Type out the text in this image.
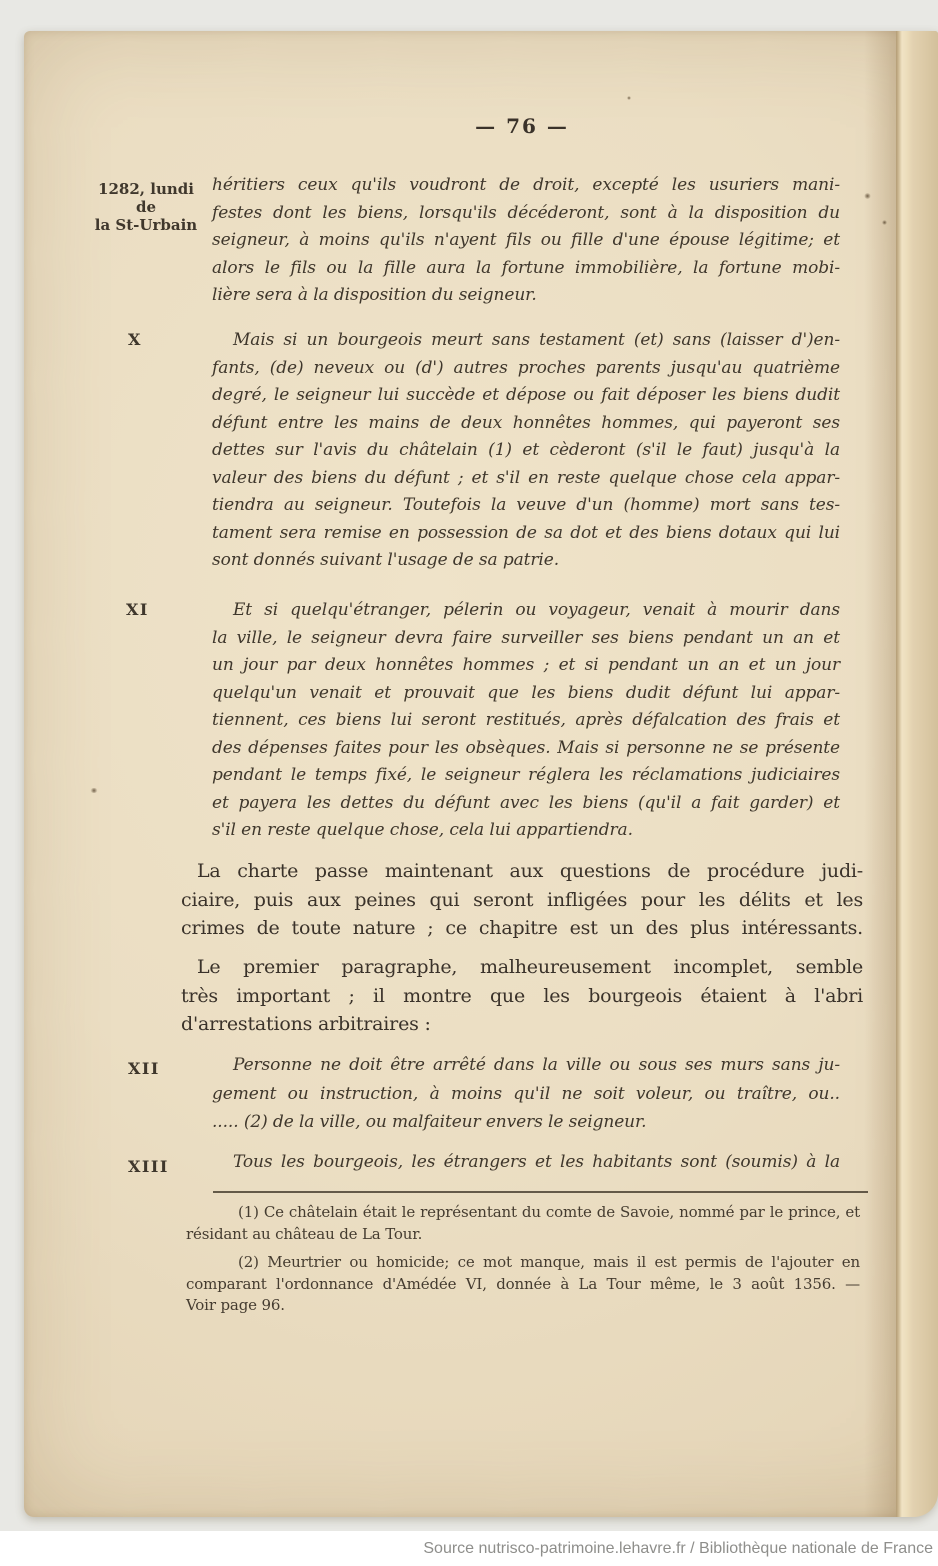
— 76 —
1282, lundi de
la St-Urbain
héritiers ceux qu'ils voudront de droit, excepté les usuriers mani-
festes dont les biens, lorsqu'ils décéderont, sont à la disposition du
seigneur, à moins qu'ils n'ayent fils ou fille d'une épouse légitime; et
alors le fils ou la fille aura la fortune immobilière, la fortune mobi-
lière sera à la disposition du seigneur.
X	Mais si un bourgeois meurt sans testament (et) sans (laisser d')en-
fants, (de) neveux ou (d') autres proches parents jusqu'au quatrième
degré, le seigneur lui succède et dépose ou fait déposer les biens dudit
défunt entre les mains de deux honnêtes hommes, qui payeront ses
dettes sur l'avis du châtelain (1) et cèderont (s'il le faut) jusqu'à la
valeur des biens du défunt ; et s'il en reste quelque chose cela appar-
tiendra au seigneur. Toutefois la veuve d'un (homme) mort sans tes-
tament sera remise en possession de sa dot et des biens dotaux qui lui
sont donnés suivant l'usage de sa patrie.
XI	Et si quelqu'étranger, pélerin ou voyageur, venait à mourir dans
la ville, le seigneur devra faire surveiller ses biens pendant un an et
un jour par deux honnêtes hommes ; et si pendant un an et un jour
quelqu'un venait et prouvait que les biens dudit défunt lui appar-
tiennent, ces biens lui seront restitués, après défalcation des frais et
des dépenses faites pour les obsèques. Mais si personne ne se présente
pendant le temps fixé, le seigneur réglera les réclamations judiciaires
et payera les dettes du défunt avec les biens (qu'il a fait garder) et
s'il en reste quelque chose, cela lui appartiendra.
La charte passe maintenant aux questions de procédure judi-
ciaire, puis aux peines qui seront infligées pour les délits et les
crimes de toute nature ; ce chapitre est un des plus intéressants.
Le premier paragraphe, malheureusement incomplet, semble
très important ; il montre que les bourgeois étaient à l'abri
d'arrestations arbitraires :
XII	Personne ne doit être arrêté dans la ville ou sous ses murs sans ju-
gement ou instruction, à moins qu'il ne soit voleur, ou traître, ou..
..... (2) de la ville, ou malfaiteur envers le seigneur.
XIII	Tous les bourgeois, les étrangers et les habitants sont (soumis) à la
(1) Ce châtelain était le représentant du comte de Savoie, nommé par le prince, et
résidant au château de La Tour.
(2) Meurtrier ou homicide; ce mot manque, mais il est permis de l'ajouter en
comparant l'ordonnance d'Amédée VI, donnée à La Tour même, le 3 août 1356. —
Voir page 96.
Source nutrisco-patrimoine.lehavre.fr / Bibliothèque nationale de France
